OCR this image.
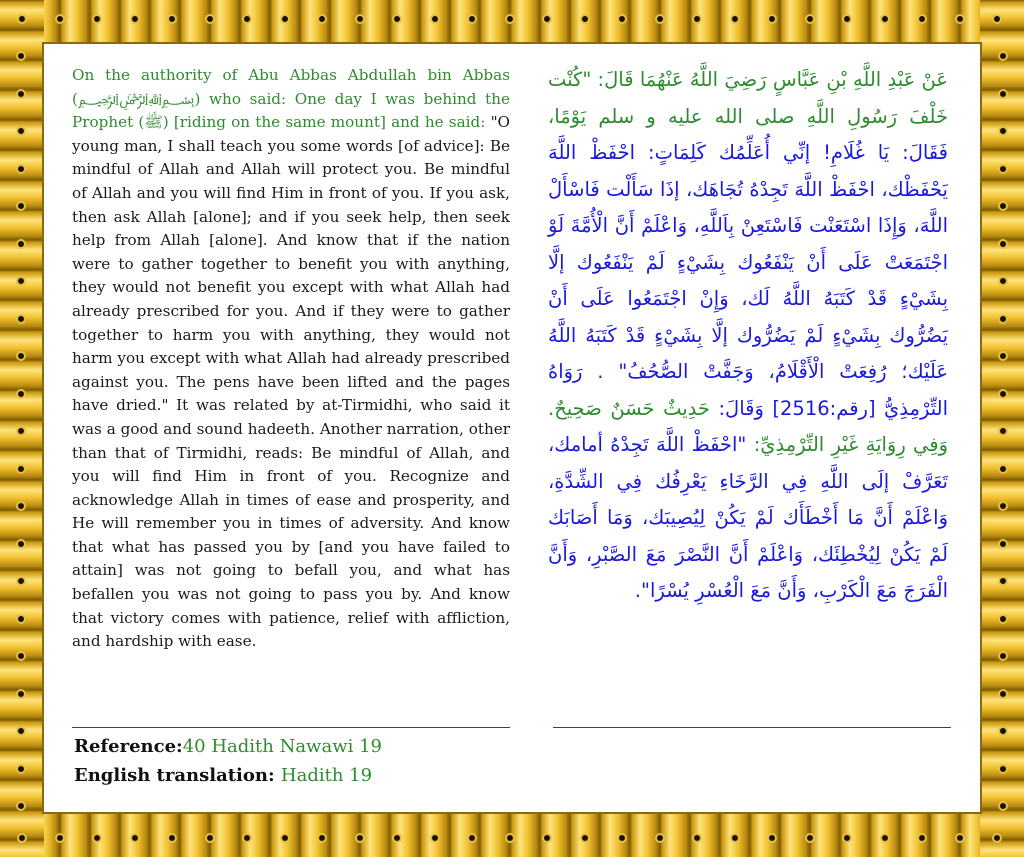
On the authority of Abu Abbas Abdullah bin Abbas (﷽) who said: One day I was behind the Prophet (ﷺ) [riding on the same mount] and he said: "O young man, I shall teach you some words [of advice]: Be mindful of Allah and Allah will protect you. Be mindful of Allah and you will find Him in front of you. If you ask, then ask Allah [alone]; and if you seek help, then seek help from Allah [alone]. And know that if the nation were to gather together to benefit you with anything, they would not benefit you except with what Allah had already prescribed for you. And if they were to gather together to harm you with anything, they would not harm you except with what Allah had already prescribed against you. The pens have been lifted and the pages have dried." It was related by at-Tirmidhi, who said it was a good and sound hadeeth. Another narration, other than that of Tirmidhi, reads: Be mindful of Allah, and you will find Him in front of you. Recognize and acknowledge Allah in times of ease and prosperity, and He will remember you in times of adversity. And know that what has passed you by [and you have failed to attain] was not going to befall you, and what has befallen you was not going to pass you by. And know that victory comes with patience, relief with affliction, and hardship with ease.
عَنْ عَبْدِ اللَّهِ بْنِ عَبَّاسٍ رَضِيَ اللَّهُ عَنْهُمَا قَالَ: "كُنْت خَلْفَ رَسُولِ اللَّهِ صلى الله عليه و سلم يَوْمًا، فَقَالَ: يَا غُلَامِ! إنِّي أُعَلِّمُك كَلِمَاتٍ: احْفَظْ اللَّهَ يَحْفَظْك، احْفَظْ اللَّهَ تَجِدْهُ تُجَاهَك، إذَا سَأَلْت فَاسْأَلْ اللَّهَ، وَإِذَا اسْتَعَنْت فَاسْتَعِنْ بِاَللَّهِ، وَاعْلَمْ أَنَّ الْأُمَّةَ لَوْ اجْتَمَعَتْ عَلَى أَنْ يَنْفَعُوك بِشَيْءٍ لَمْ يَنْفَعُوك إلَّا بِشَيْءٍ قَدْ كَتَبَهُ اللَّهُ لَك، وَإِنْ اجْتَمَعُوا عَلَى أَنْ يَضُرُّوك بِشَيْءٍ لَمْ يَضُرُّوك إلَّا بِشَيْءٍ قَدْ كَتَبَهُ اللَّهُ عَلَيْك؛ رُفِعَتْ الْأَقْلَامُ، وَجَفَّتْ الصُّحُفُ" . رَوَاهُ التِّرْمِذِيُّ [رقم:2516] وَقَالَ: حَدِيثٌ حَسَنٌ صَحِيحٌ. وَفِي رِوَايَةِ غَيْرِ التِّرْمِذِيِّ: "احْفَظْ اللَّهَ تَجِدْهُ أمامك، تَعَرَّفْ إلَى اللَّهِ فِي الرَّخَاءِ يَعْرِفُك فِي الشِّدَّةِ، وَاعْلَمْ أَنَّ مَا أَخْطَأَك لَمْ يَكُنْ لِيُصِيبَك، وَمَا أَصَابَك لَمْ يَكُنْ لِيُخْطِئَك، وَاعْلَمْ أَنَّ النَّصْرَ مَعَ الصَّبْرِ، وَأَنَّ الْفَرَجَ مَعَ الْكَرْبِ، وَأَنَّ مَعَ الْعُسْرِ يُسْرًا".
Reference:40 Hadith Nawawi 19
English translation: Hadith 19
